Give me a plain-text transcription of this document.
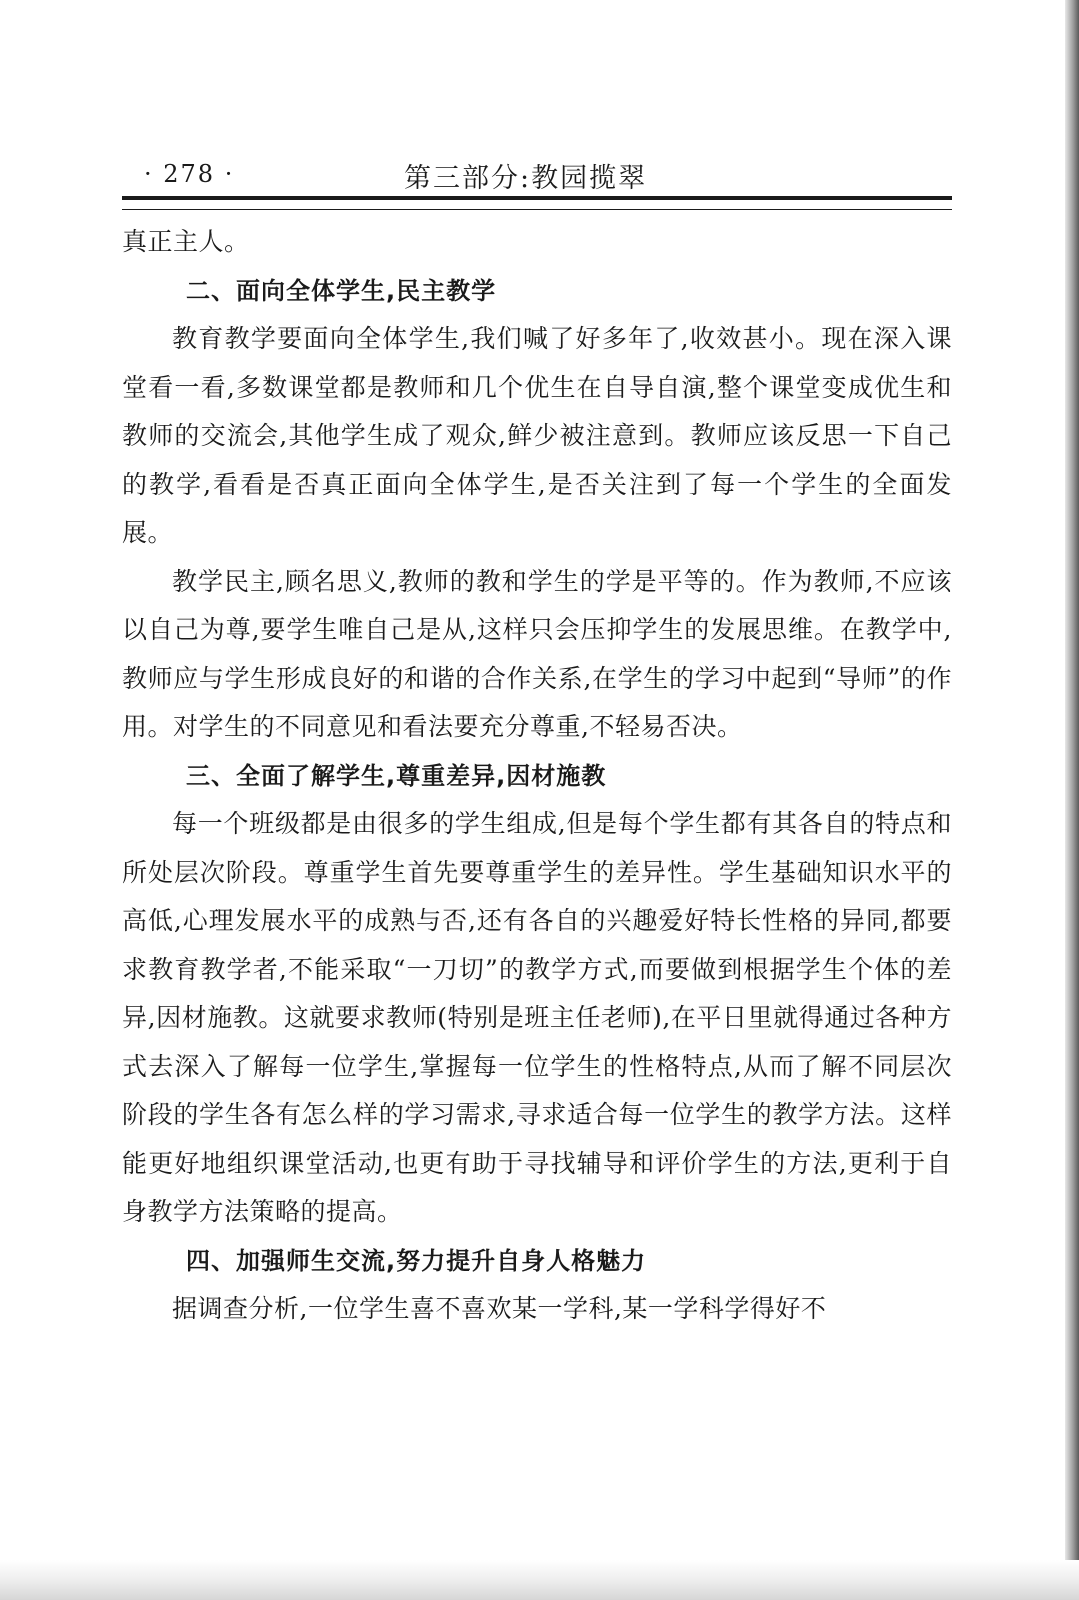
· 278 ·	第三部分:教园揽翠

真正主人。

二、面向全体学生,民主教学

教育教学要面向全体学生,我们喊了好多年了,收效甚小。现在深入课堂看一看,多数课堂都是教师和几个优生在自导自演,整个课堂变成优生和教师的交流会,其他学生成了观众,鲜少被注意到。教师应该反思一下自己的教学,看看是否真正面向全体学生,是否关注到了每一个学生的全面发展。

教学民主,顾名思义,教师的教和学生的学是平等的。作为教师,不应该以自己为尊,要学生唯自己是从,这样只会压抑学生的发展思维。在教学中,教师应与学生形成良好的和谐的合作关系,在学生的学习中起到“导师”的作用。对学生的不同意见和看法要充分尊重,不轻易否决。

三、全面了解学生,尊重差异,因材施教

每一个班级都是由很多的学生组成,但是每个学生都有其各自的特点和所处层次阶段。尊重学生首先要尊重学生的差异性。学生基础知识水平的高低,心理发展水平的成熟与否,还有各自的兴趣爱好特长性格的异同,都要求教育教学者,不能采取“一刀切”的教学方式,而要做到根据学生个体的差异,因材施教。这就要求教师(特别是班主任老师),在平日里就得通过各种方式去深入了解每一位学生,掌握每一位学生的性格特点,从而了解不同层次阶段的学生各有怎么样的学习需求,寻求适合每一位学生的教学方法。这样能更好地组织课堂活动,也更有助于寻找辅导和评价学生的方法,更利于自身教学方法策略的提高。

四、加强师生交流,努力提升自身人格魅力

据调查分析,一位学生喜不喜欢某一学科,某一学科学得好不
